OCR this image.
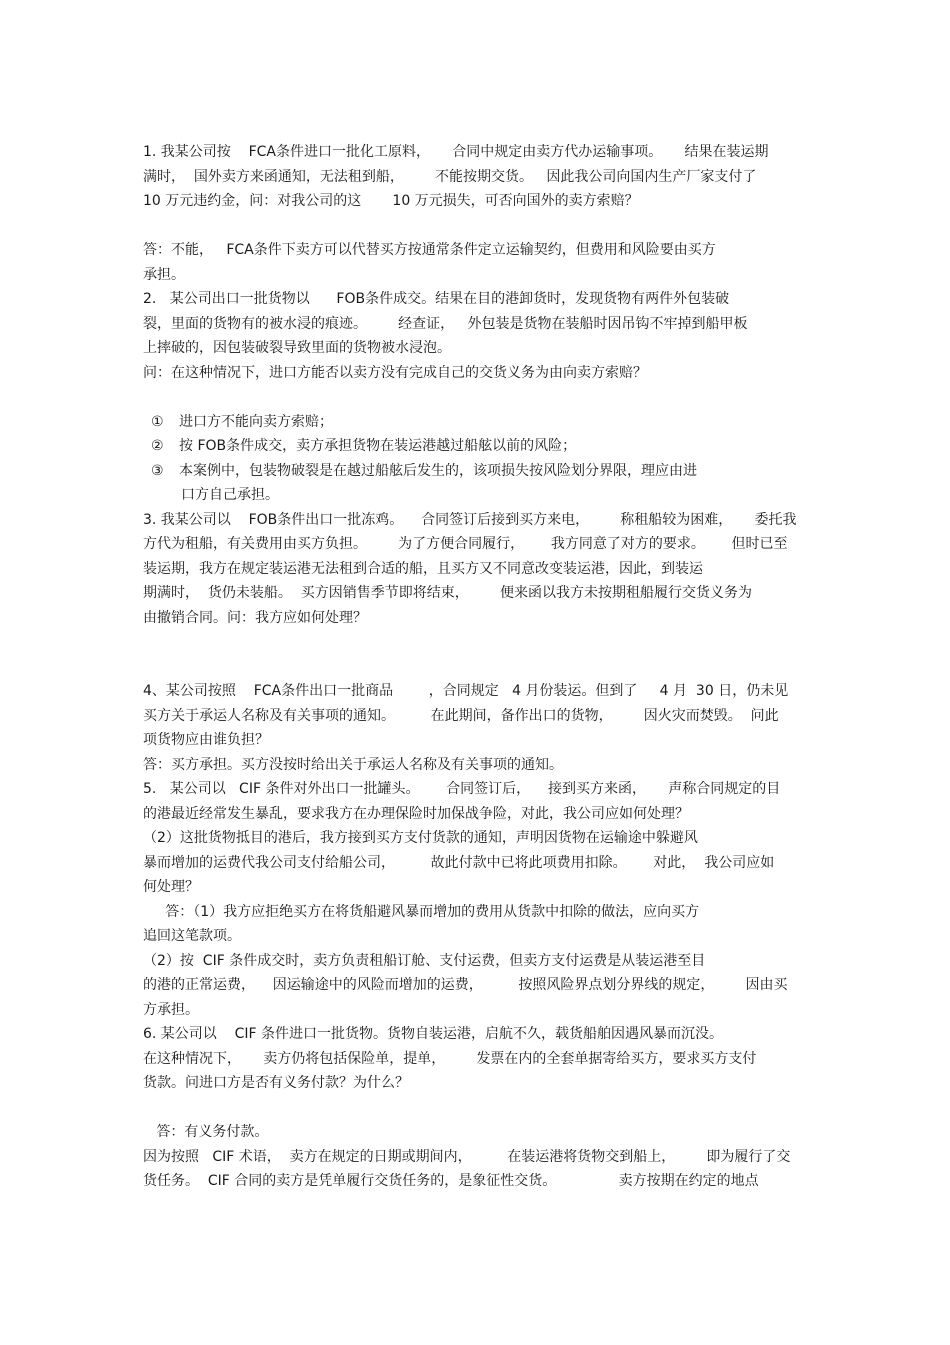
1. 我某公司按    FCA条件进口一批化工原料，     合同中规定由卖方代办运输事项。     结果在装运期
满时，  国外卖方来函通知，无法租到船，       不能按期交货。   因此我公司向国内生产厂家支付了
10 万元违约金，问：对我公司的这       10 万元损失，可否向国外的卖方索赔？
答：不能，   FCA条件下卖方可以代替买方按通常条件定立运输契约，但费用和风险要由买方
承担。
2.   某公司出口一批货物以      FOB条件成交。结果在目的港卸货时，发现货物有两件外包装破
裂，里面的货物有的被水浸的痕迹。       经查证，   外包装是货物在装船时因吊钩不牢掉到船甲板
上摔破的，因包装破裂导致里面的货物被水浸泡。
问：在这种情况下，进口方能否以卖方没有完成自己的交货义务为由向卖方索赔？
① 进口方不能向卖方索赔；
② 按 FOB条件成交，卖方承担货物在装运港越过船舷以前的风险；
③ 本案例中，包装物破裂是在越过船舷后发生的，该项损失按风险划分界限，理应由进
口方自己承担。
3. 我某公司以    FOB条件出口一批冻鸡。    合同签订后接到买方来电，       称租船较为困难，     委托我
方代为租船，有关费用由买方负担。       为了方便合同履行，      我方同意了对方的要求。      但时已至
装运期，我方在规定装运港无法租到合适的船，且买方又不同意改变装运港，因此，到装运
期满时，  货仍未装船。  买方因销售季节即将结束，       便来函以我方未按期租船履行交货义务为
由撤销合同。问：我方应如何处理？
4、某公司按照    FCA条件出口一批商品        ，合同规定   4 月份装运。但到了     4 月  30 日，仍未见
买方关于承运人名称及有关事项的通知。        在此期间，备作出口的货物，       因火灾而焚毁。  问此
项货物应由谁负担？
答：买方承担。买方没按时给出关于承运人名称及有关事项的通知。
5.   某公司以   CIF 条件对外出口一批罐头。      合同签订后，    接到买方来函，     声称合同规定的目
的港最近经常发生暴乱，要求我方在办理保险时加保战争险，对此，我公司应如何处理？
（2）这批货物抵目的港后，我方接到买方支付货款的通知，声明因货物在运输途中躲避风
暴而增加的运费代我公司支付给船公司，        故此付款中已将此项费用扣除。      对此，  我公司应如
何处理？
答：（1）我方应拒绝买方在将货船避风暴而增加的费用从货款中扣除的做法，应向买方
追回这笔款项。
（2）按  CIF 条件成交时，卖方负责租船订舱、支付运费，但卖方支付运费是从装运港至目
的港的正常运费，    因运输途中的风险而增加的运费，        按照风险界点划分界线的规定，       因由买
方承担。
6. 某公司以    CIF 条件进口一批货物。货物自装运港，启航不久，载货船舶因遇风暴而沉没。
在这种情况下，     卖方仍将包括保险单，提单，       发票在内的全套单据寄给买方，要求买方支付
货款。问进口方是否有义务付款？为什么？
答：有义务付款。
因为按照   CIF 术语，  卖方在规定的日期或期间内，        在装运港将货物交到船上，       即为履行了交
货任务。  CIF 合同的卖方是凭单履行交货任务的，是象征性交货。              卖方按期在约定的地点
